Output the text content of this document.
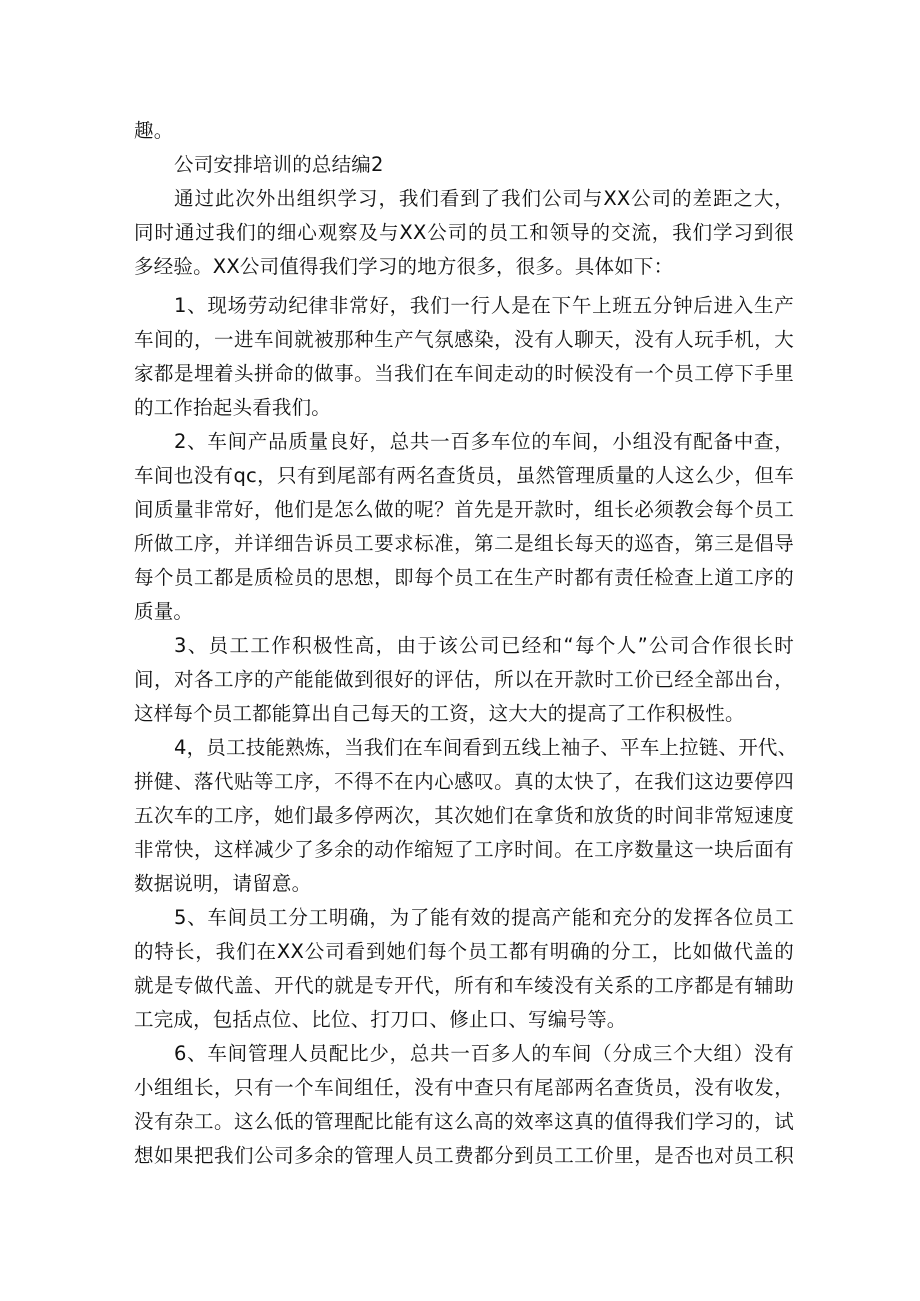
趣。
公司安排培训的总结编2
通过此次外出组织学习，我们看到了我们公司与XX公司的差距之大，
同时通过我们的细心观察及与XX公司的员工和领导的交流，我们学习到很
多经验。XX公司值得我们学习的地方很多，很多。具体如下：
1、现场劳动纪律非常好，我们一行人是在下午上班五分钟后进入生产
车间的，一进车间就被那种生产气氛感染，没有人聊天，没有人玩手机，大
家都是埋着头拼命的做事。当我们在车间走动的时候没有一个员工停下手里
的工作抬起头看我们。
2、车间产品质量良好，总共一百多车位的车间，小组没有配备中查，
车间也没有qc，只有到尾部有两名查货员，虽然管理质量的人这么少，但车
间质量非常好，他们是怎么做的呢？首先是开款时，组长必须教会每个员工
所做工序，并详细告诉员工要求标准，第二是组长每天的巡杳，第三是倡导
每个员工都是质检员的思想，即每个员工在生产时都有责任检查上道工序的
质量。
3、员工工作积极性高，由于该公司已经和“每个人”公司合作很长时
间，对各工序的产能能做到很好的评估，所以在开款时工价已经全部出台，
这样每个员工都能算出自己每天的工资，这大大的提高了工作积极性。
4，员工技能熟炼，当我们在车间看到五线上袖子、平车上拉链、开代、
拼健、落代贴等工序，不得不在内心感叹。真的太快了，在我们这边要停四
五次车的工序，她们最多停两次，其次她们在拿货和放货的时间非常短速度
非常快，这样减少了多余的动作缩短了工序时间。在工序数量这一块后面有
数据说明，请留意。
5、车间员工分工明确，为了能有效的提高产能和充分的发挥各位员工
的特长，我们在XX公司看到她们每个员工都有明确的分工，比如做代盖的
就是专做代盖、开代的就是专开代，所有和车绫没有关系的工序都是有辅助
工完成，包括点位、比位、打刀口、修止口、写编号等。
6、车间管理人员配比少，总共一百多人的车间（分成三个大组）没有
小组组长，只有一个车间组任，没有中查只有尾部两名查货员，没有收发，
没有杂工。这么低的管理配比能有这么高的效率这真的值得我们学习的，试
想如果把我们公司多余的管理人员工费都分到员工工价里，是否也对员工积
